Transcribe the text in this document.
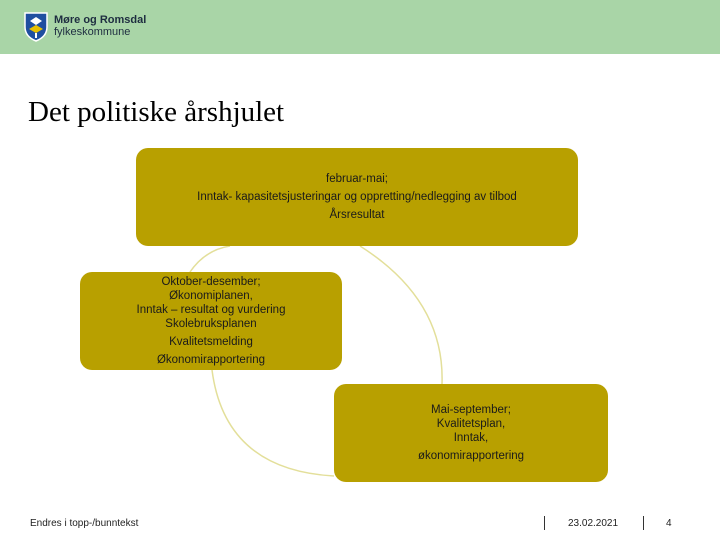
Møre og Romsdal
fylkeskommune
Det politiske årshjulet
februar-mai;
Inntak- kapasitetsjusteringar og oppretting/nedlegging av tilbod
Årsresultat
Oktober-desember;
Økonomiplanen,
Inntak – resultat og vurdering
Skolebruksplanen
Kvalitetsmelding
Økonomirapportering
Mai-september;
Kvalitetsplan,
Inntak,
økonomirapportering
Endres i topp-/bunntekst	23.02.2021	4
